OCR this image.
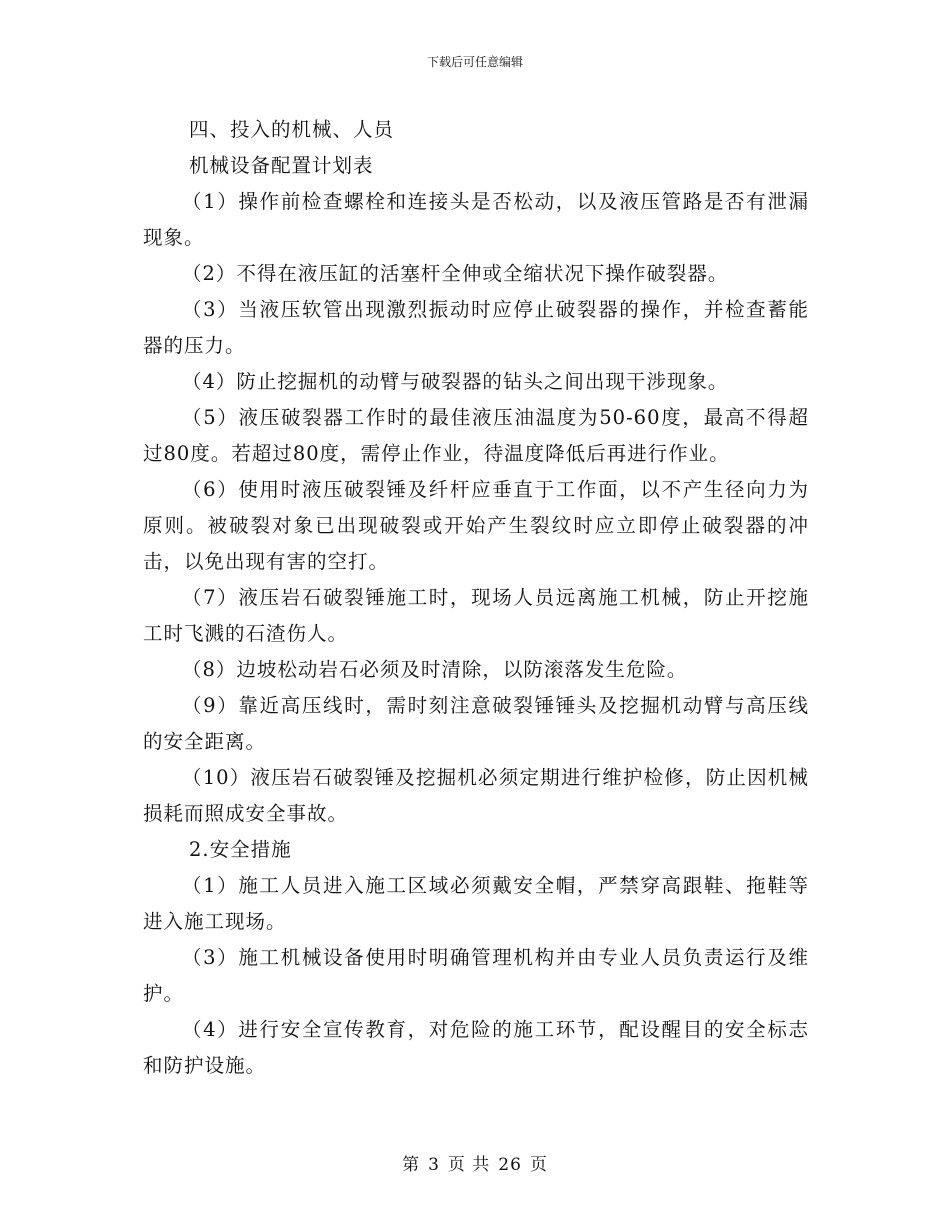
下载后可任意编辑

四、投入的机械、人员

机械设备配置计划表

（1）操作前检查螺栓和连接头是否松动，以及液压管路是否有泄漏现象。

（2）不得在液压缸的活塞杆全伸或全缩状况下操作破裂器。

（3）当液压软管出现激烈振动时应停止破裂器的操作，并检查蓄能器的压力。

（4）防止挖掘机的动臂与破裂器的钻头之间出现干涉现象。

（5）液压破裂器工作时的最佳液压油温度为50-60度，最高不得超过80度。若超过80度，需停止作业，待温度降低后再进行作业。

（6）使用时液压破裂锤及纤杆应垂直于工作面，以不产生径向力为原则。被破裂对象已出现破裂或开始产生裂纹时应立即停止破裂器的冲击，以免出现有害的空打。

（7）液压岩石破裂锤施工时，现场人员远离施工机械，防止开挖施工时飞溅的石渣伤人。

（8）边坡松动岩石必须及时清除，以防滚落发生危险。

（9）靠近高压线时，需时刻注意破裂锤锤头及挖掘机动臂与高压线的安全距离。

（10）液压岩石破裂锤及挖掘机必须定期进行维护检修，防止因机械损耗而照成安全事故。

2.安全措施

（1）施工人员进入施工区域必须戴安全帽，严禁穿高跟鞋、拖鞋等进入施工现场。

（3）施工机械设备使用时明确管理机构并由专业人员负责运行及维护。

（4）进行安全宣传教育，对危险的施工环节，配设醒目的安全标志和防护设施。

第 3 页 共 26 页
